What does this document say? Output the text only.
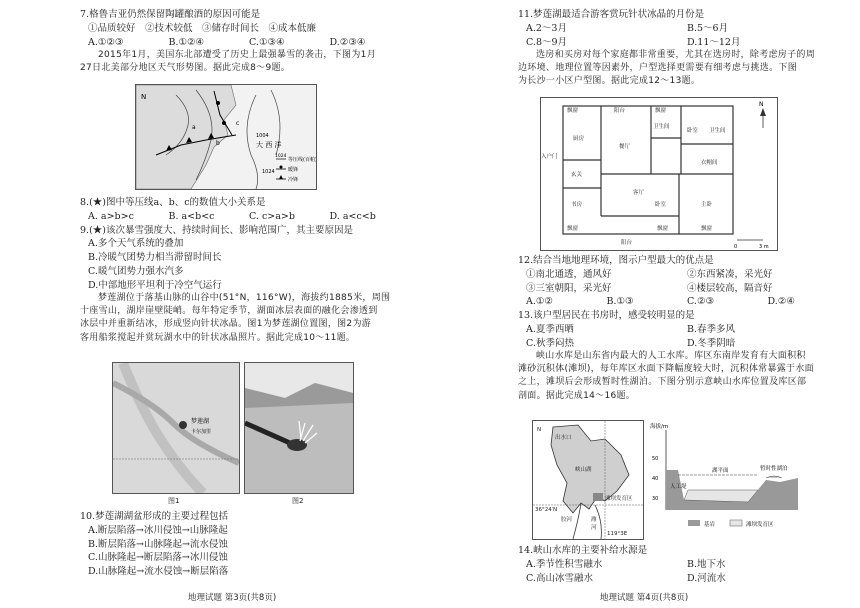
7.格鲁吉亚仍然保留陶罐酿酒的原因可能是

①品质较好　②技术较低　③储存时间长　④成本低廉

A.①②③	B.①②④	C.①③④	D.②③④

2015年1月，美国东北部遭受了历史上最强暴雪的袭击，下图为1月

27日北美部分地区天气形势图。据此完成8～9题。

N
大 西 洋
1004
1024
a
b
c
1024
等压线(百帕)
暖锋
冷锋

8.(★)图中等压线a、b、c的数值大小关系是

A. a>b>c	B. a<b<c	C. c>a>b	D. a<c<b

9.(★)该次暴雪强度大、持续时间长、影响范围广，其主要原因是

A.多个天气系统的叠加

B.冷暖气团势力相当滞留时间长

C.暖气团势力强水汽多

D.中部地形平坦利于冷空气运行

梦莲湖位于落基山脉的山谷中(51°N，116°W)，海拔约1885米，周围

十座雪山，湖岸崖壁陡峭。每年特定季节，湖面冰层表面的融化会渗透到

冰层中并重新结冰，形成竖向针状冰晶。图1为梦莲湖位置图，图2为游

客用船浆搅起并赏玩湖水中的针状冰晶照片。据此完成10～11题。

梦莲湖
卡尔加里
图1	图2

10.梦莲湖湖盆形成的主要过程包括

A.断层陷落→冰川侵蚀→山脉隆起

B.断层陷落→山脉隆起→流水侵蚀

C.山脉隆起→断层陷落→冰川侵蚀

D.山脉隆起→流水侵蚀→断层陷落

地理试题 第3页(共8页)

11.梦莲湖最适合游客赏玩针状冰晶的月份是

A.2～3月	B.5～6月
C.8～9月	D.11～12月

选房和买房对每个家庭都非常重要，尤其在选房时，除考虑房子的周

边环境、地理位置等因素外，户型选择更需要有细考虑与挑选。下图

为长沙一小区户型图。据此完成12～13题。

阳台
飘窗	飘窗
厨房
卫生间
餐厅
卧室 卫生间
入户门
玄关
衣帽间
书房
客厅
卧室	主卧
飘窗	飘窗	飘窗
阳台
N
0	3 m

12.结合当地地理环境，图示户型最大的优点是

①南北通透，通风好	②东西紧凑，采光好
③三室朝阳，采光好	④楼层较高，隔音好
A.①②	B.①③	C.②③	D.②④

13.该户型居民在书房时，感受较明显的是

A.夏季西晒	B.春季多风
C.秋季闷热	D.冬季阴暗

峡山水库是山东省内最大的人工水库。库区东南岸发育有大面积积

滩砂沉积体(滩坝)，每年库区水面下降幅度较大时，沉积体常暴露于水面

之上，滩坝后会形成暂时性湖泊。下图分别示意峡山水库位置及库区部

剖面。据此完成14～16题。

峡山湖
出水口
滩坝发育区
胶河	潍
河
36°24′N
119°3E
N	海拔/m
50
40
30
湖平面	暂时性湖泊
人工堤
基岩	滩坝发育区

14.峡山水库的主要补给水源是

A.季节性积雪融水	B.地下水
C.高山冰雪融水	D.河流水
地理试题 第4页(共8页)
